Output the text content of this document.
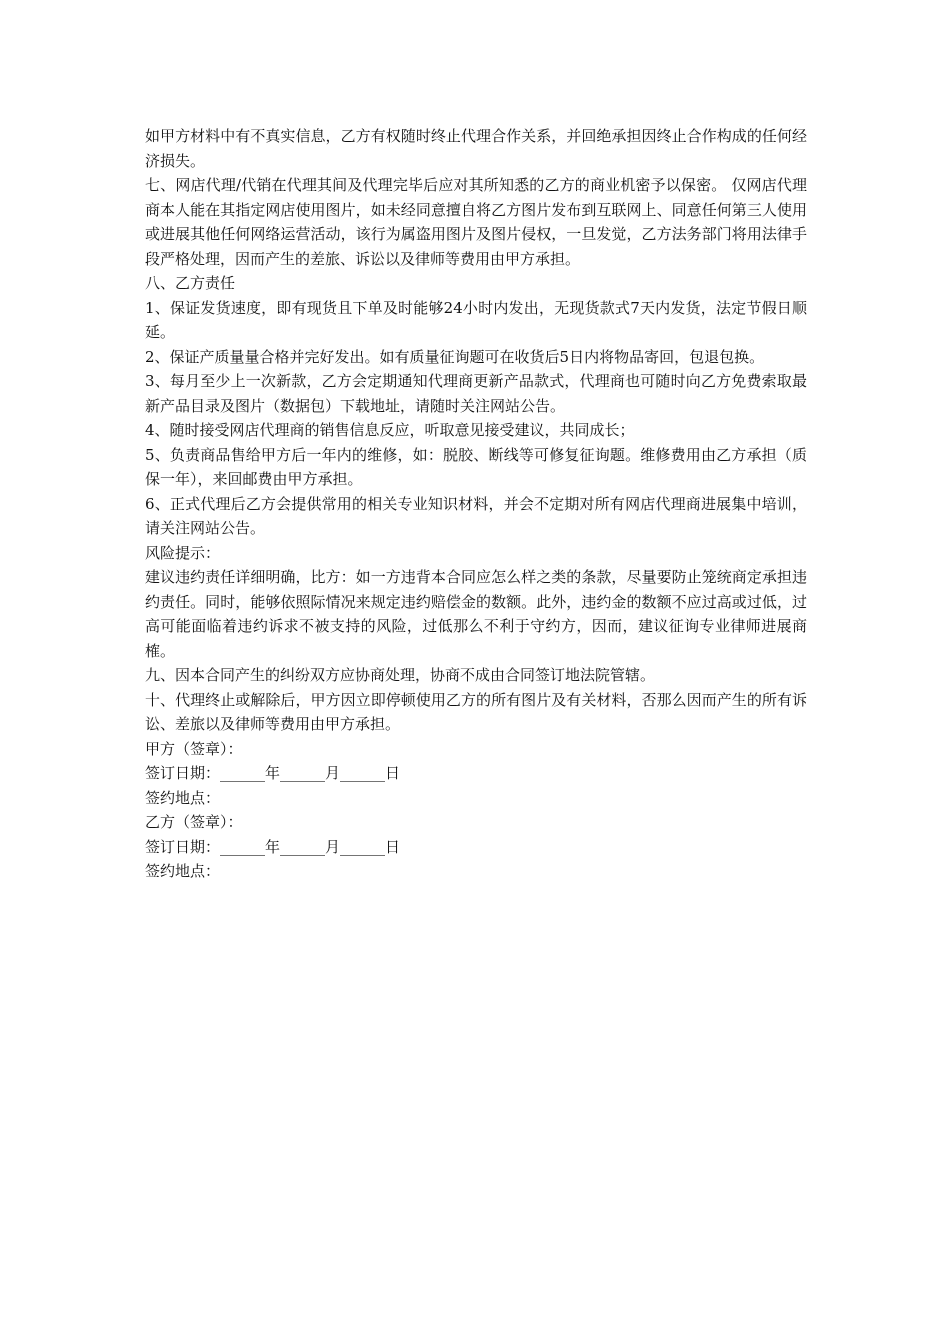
如甲方材料中有不真实信息，乙方有权随时终止代理合作关系，并回绝承担因终止合作构成的任何经济损失。

七、网店代理/代销在代理其间及代理完毕后应对其所知悉的乙方的商业机密予以保密。 仅网店代理商本人能在其指定网店使用图片，如未经同意擅自将乙方图片发布到互联网上、同意任何第三人使用或进展其他任何网络运营活动，该行为属盗用图片及图片侵权，一旦发觉，乙方法务部门将用法律手段严格处理，因而产生的差旅、诉讼以及律师等费用由甲方承担。

八、乙方责任

1、保证发货速度，即有现货且下单及时能够24小时内发出，无现货款式7天内发货，法定节假日顺延。

2、保证产质量量合格并完好发出。如有质量征询题可在收货后5日内将物品寄回，包退包换。

3、每月至少上一次新款，乙方会定期通知代理商更新产品款式，代理商也可随时向乙方免费索取最新产品目录及图片（数据包）下载地址，请随时关注网站公告。

4、随时接受网店代理商的销售信息反应，听取意见接受建议，共同成长；

5、负责商品售给甲方后一年内的维修，如：脱胶、断线等可修复征询题。维修费用由乙方承担（质保一年），来回邮费由甲方承担。

6、正式代理后乙方会提供常用的相关专业知识材料，并会不定期对所有网店代理商进展集中培训，请关注网站公告。

风险提示：

建议违约责任详细明确，比方：如一方违背本合同应怎么样之类的条款，尽量要防止笼统商定承担违约责任。同时，能够依照际情况来规定违约赔偿金的数额。此外，违约金的数额不应过高或过低，过高可能面临着违约诉求不被支持的风险，过低那么不利于守约方，因而，建议征询专业律师进展商榷。

九、因本合同产生的纠纷双方应协商处理，协商不成由合同签订地法院管辖。

十、代理终止或解除后，甲方因立即停顿使用乙方的所有图片及有关材料，否那么因而产生的所有诉讼、差旅以及律师等费用由甲方承担。

甲方（签章）：

签订日期：______年______月______日

签约地点：

乙方（签章）：

签订日期：______年______月______日

签约地点：
